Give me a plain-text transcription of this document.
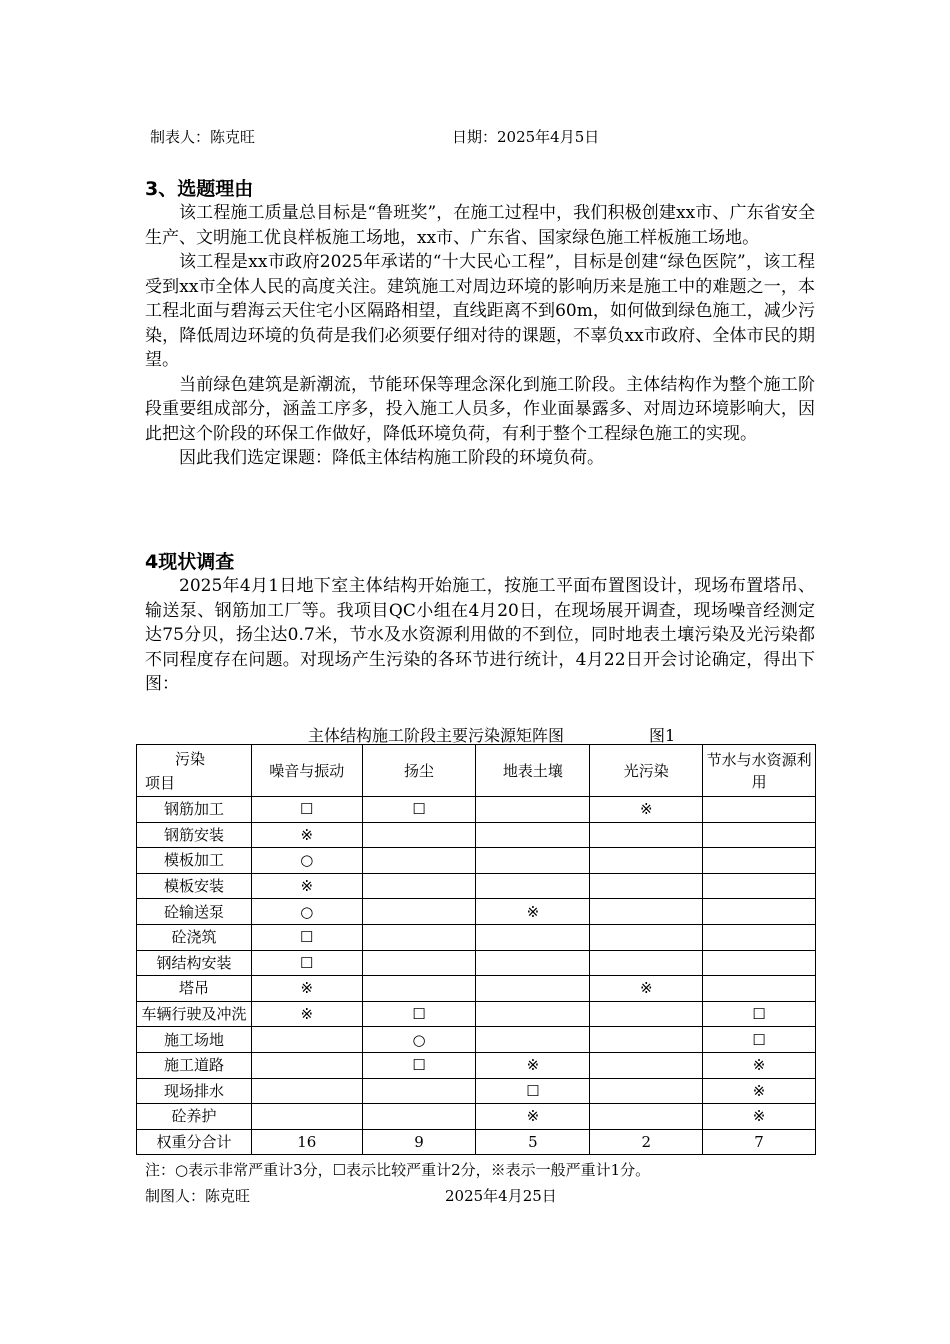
制表人：陈克旺	日期：2025年4月5日
3、选题理由

该工程施工质量总目标是“鲁班奖”，在施工过程中，我们积极创建xx市、广东省安全生产、文明施工优良样板施工场地，xx市、广东省、国家绿色施工样板施工场地。

该工程是xx市政府2025年承诺的“十大民心工程”，目标是创建“绿色医院”，该工程受到xx市全体人民的高度关注。建筑施工对周边环境的影响历来是施工中的难题之一，本工程北面与碧海云天住宅小区隔路相望，直线距离不到60m，如何做到绿色施工，减少污染，降低周边环境的负荷是我们必须要仔细对待的课题，不辜负xx市政府、全体市民的期望。

当前绿色建筑是新潮流，节能环保等理念深化到施工阶段。主体结构作为整个施工阶段重要组成部分，涵盖工序多，投入施工人员多，作业面暴露多、对周边环境影响大，因此把这个阶段的环保工作做好，降低环境负荷，有利于整个工程绿色施工的实现。

因此我们选定课题：降低主体结构施工阶段的环境负荷。

4现状调查

2025年4月1日地下室主体结构开始施工，按施工平面布置图设计，现场布置塔吊、输送泵、钢筋加工厂等。我项目QC小组在4月20日，在现场展开调查，现场噪音经测定达75分贝，扬尘达0.7米，节水及水资源利用做的不到位，同时地表土壤污染及光污染都不同程度存在问题。对现场产生污染的各环节进行统计，4月22日开会讨论确定，得出下图：

主体结构施工阶段主要污染源矩阵图	图1
污染
项目	噪音与振动	扬尘	地表土壤	光污染	节水与水资源利用
钢筋加工	☐	☐		※	
钢筋安装	※				
模板加工	○				
模板安装	※				
砼输送泵	○		※		
砼浇筑	☐				
钢结构安装	☐				
塔吊	※			※	
车辆行驶及冲洗	※	☐			☐
施工场地		○			☐
施工道路		☐	※		※
现场排水			☐		※
砼养护			※		※
权重分合计	16	9	5	2	7
注：○表示非常严重计3分，☐表示比较严重计2分，※表示一般严重计1分。
制图人：陈克旺	2025年4月25日
